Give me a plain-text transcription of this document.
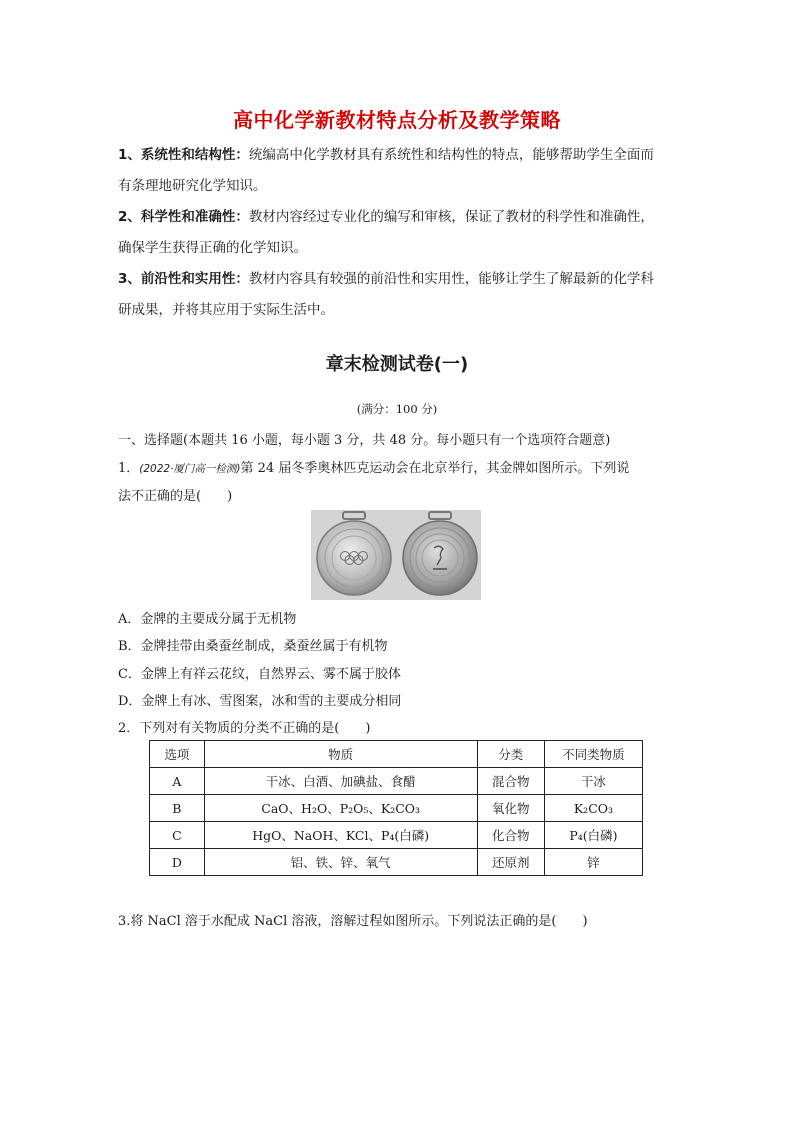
高中化学新教材特点分析及教学策略
1、系统性和结构性：统编高中化学教材具有系统性和结构性的特点，能够帮助学生全面而
有条理地研究化学知识。
2、科学性和准确性：教材内容经过专业化的编写和审核，保证了教材的科学性和准确性，
确保学生获得正确的化学知识。
3、前沿性和实用性：教材内容具有较强的前沿性和实用性，能够让学生了解最新的化学科
研成果，并将其应用于实际生活中。
章末检测试卷(一)
(满分：100 分)
一、选择题(本题共 16 小题，每小题 3 分，共 48 分。每小题只有一个选项符合题意)
1．(2022·厦门高一检测)第 24 届冬季奥林匹克运动会在北京举行，其金牌如图所示。下列说
法不正确的是(　　)
A．金牌的主要成分属于无机物
B．金牌挂带由桑蚕丝制成，桑蚕丝属于有机物
C．金牌上有祥云花纹，自然界云、雾不属于胶体
D．金牌上有冰、雪图案，冰和雪的主要成分相同
2．下列对有关物质的分类不正确的是(　　)
选项	物质	分类	不同类物质
A	干冰、白酒、加碘盐、食醋	混合物	干冰
B	CaO、H₂O、P₂O₅、K₂CO₃	氧化物	K₂CO₃
C	HgO、NaOH、KCl、P₄(白磷)	化合物	P₄(白磷)
D	铝、铁、锌、氧气	还原剂	锌
3.将 NaCl 溶于水配成 NaCl 溶液，溶解过程如图所示。下列说法正确的是(　　)
